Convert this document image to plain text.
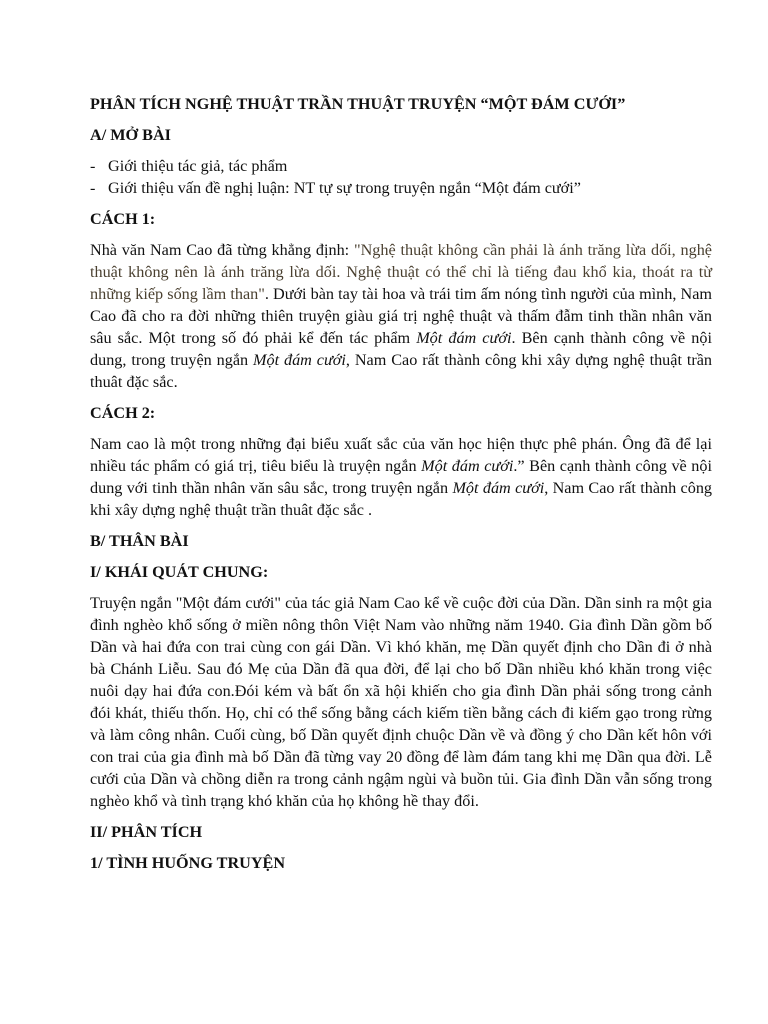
PHÂN TÍCH NGHỆ THUẬT TRẦN THUẬT TRUYỆN “MỘT ĐÁM CƯỚI”

A/ MỞ BÀI

- Giới thiệu tác giả, tác phẩm
- Giới thiệu vấn đề nghị luận: NT tự sự trong truyện ngắn “Một đám cưới”

CÁCH 1:

Nhà văn Nam Cao đã từng khẳng định: "Nghệ thuật không cần phải là ánh trăng lừa dối, nghệ thuật không nên là ánh trăng lừa dối. Nghệ thuật có thể chỉ là tiếng đau khổ kia, thoát ra từ những kiếp sống lầm than". Dưới bàn tay tài hoa và trái tim ấm nóng tình người của mình, Nam Cao đã cho ra đời những thiên truyện giàu giá trị nghệ thuật và thấm đẫm tinh thần nhân văn sâu sắc. Một trong số đó phải kể đến tác phẩm Một đám cưới. Bên cạnh thành công về nội dung, trong truyện ngắn Một đám cưới, Nam Cao rất thành công khi xây dựng nghệ thuật trần thuât đặc sắc.

CÁCH 2:

Nam cao là một trong những đại biểu xuất sắc của văn học hiện thực phê phán. Ông đã để lại nhiều tác phẩm có giá trị, tiêu biểu là truyện ngắn Một đám cưới.” Bên cạnh thành công về nội dung với tinh thần nhân văn sâu sắc, trong truyện ngắn Một đám cưới, Nam Cao rất thành công khi xây dựng nghệ thuật trần thuât đặc sắc .

B/ THÂN BÀI

I/ KHÁI QUÁT CHUNG:

Truyện ngắn "Một đám cưới" của tác giả Nam Cao kể về cuộc đời của Dần. Dần sinh ra một gia đình nghèo khổ sống ở miền nông thôn Việt Nam vào những năm 1940. Gia đình Dần gồm bố Dần và hai đứa con trai cùng con gái Dần. Vì khó khăn, mẹ Dần quyết định cho Dần đi ở nhà bà Chánh Liễu. Sau đó Mẹ của Dần đã qua đời, để lại cho bố Dần nhiều khó khăn trong việc nuôi dạy hai đứa con.Đói kém và bất ổn xã hội khiến cho gia đình Dần phải sống trong cảnh đói khát, thiếu thốn. Họ, chỉ có thể sống bằng cách kiếm tiền bằng cách đi kiếm gạo trong rừng và làm công nhân. Cuối cùng, bố Dần quyết định chuộc Dần về và đồng ý cho Dần kết hôn với con trai của gia đình mà bố Dần đã từng vay 20 đồng để làm đám tang khi mẹ Dần qua đời. Lễ cưới của Dần và chồng diễn ra trong cảnh ngậm ngùi và buồn tủi. Gia đình Dần vẫn sống trong nghèo khổ và tình trạng khó khăn của họ không hề thay đổi.

II/ PHÂN TÍCH

1/ TÌNH HUỐNG TRUYỆN
